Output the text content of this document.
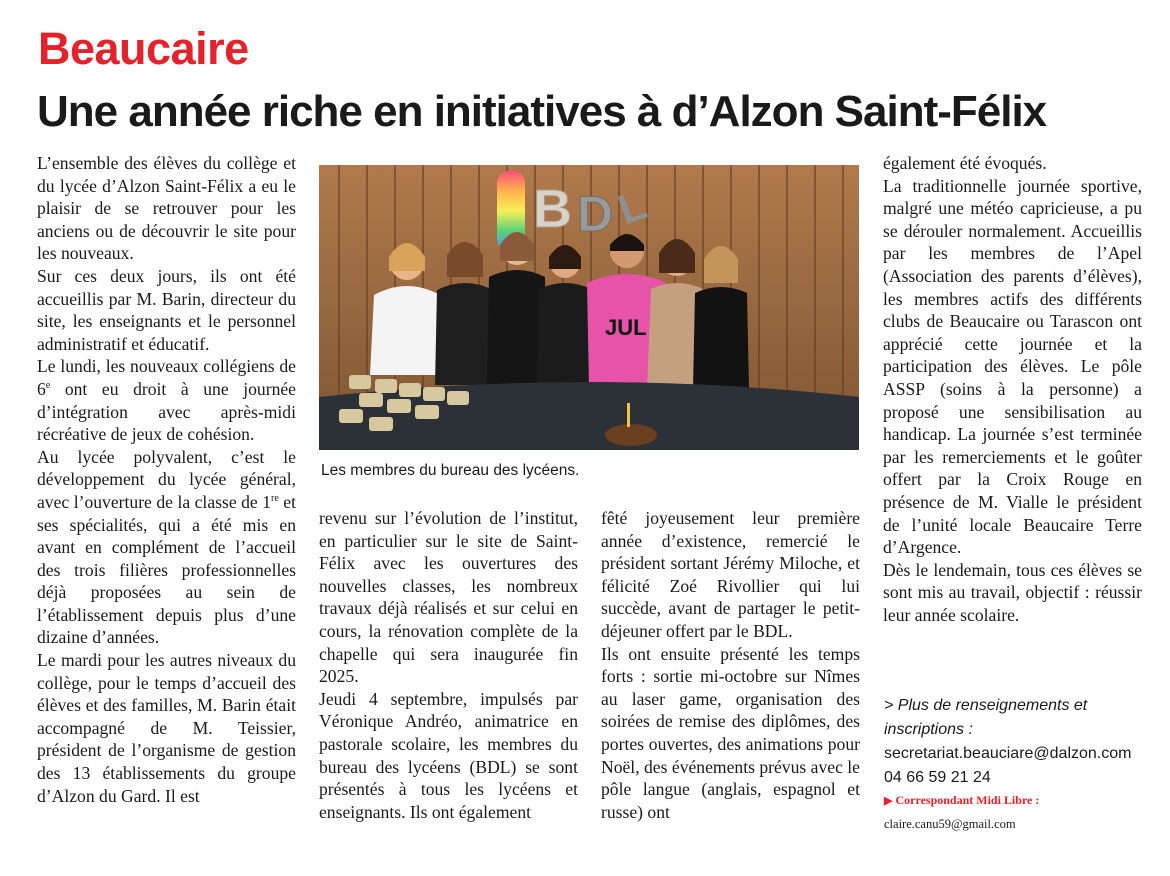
Beaucaire
Une année riche en initiatives à d’Alzon Saint-Félix

L’ensemble des élèves du collège et du lycée d’Alzon Saint-Félix a eu le plaisir de se retrouver pour les anciens ou de découvrir le site pour les nouveaux.

Sur ces deux jours, ils ont été accueillis par M. Barin, directeur du site, les enseignants et le personnel administratif et éducatif.

Le lundi, les nouveaux collégiens de 6e ont eu droit à une journée d’intégration avec après-midi récréative de jeux de cohésion.

Au lycée polyvalent, c’est le développement du lycée général, avec l’ouverture de la classe de 1re et ses spécialités, qui a été mis en avant en complément de l’accueil des trois filières professionnelles déjà proposées au sein de l’établissement depuis plus d’une dizaine d’années.

Le mardi pour les autres niveaux du collège, pour le temps d’accueil des élèves et des familles, M. Barin était accompagné de M. Teissier, président de l’organisme de gestion des 13 établissements du groupe d’Alzon du Gard. Il est

B D
L
JUL

Les membres du bureau des lycéens.

revenu sur l’évolution de l’institut, en particulier sur le site de Saint-Félix avec les ouvertures des nouvelles classes, les nombreux travaux déjà réalisés et sur celui en cours, la rénovation complète de la chapelle qui sera inaugurée fin 2025.

Jeudi 4 septembre, impulsés par Véronique Andréo, animatrice en pastorale scolaire, les membres du bureau des lycéens (BDL) se sont présentés à tous les lycéens et enseignants. Ils ont également

fêté joyeusement leur première année d’existence, remercié le président sortant Jérémy Miloche, et félicité Zoé Rivollier qui lui succède, avant de partager le petit-déjeuner offert par le BDL.

Ils ont ensuite présenté les temps forts : sortie mi-octobre sur Nîmes au laser game, organisation des soirées de remise des diplômes, des portes ouvertes, des animations pour Noël, des événements prévus avec le pôle langue (anglais, espagnol et russe) ont

également été évoqués.

La traditionnelle journée sportive, malgré une météo capricieuse, a pu se dérouler normalement. Accueillis par les membres de l’Apel (Association des parents d’élèves), les membres actifs des différents clubs de Beaucaire ou Tarascon ont apprécié cette journée et la participation des élèves. Le pôle ASSP (soins à la personne) a proposé une sensibilisation au handicap. La journée s’est terminée par les remerciements et le goûter offert par la Croix Rouge en présence de M. Vialle le président de l’unité locale Beaucaire Terre d’Argence.

Dès le lendemain, tous ces élèves se sont mis au travail, objectif : réussir leur année scolaire.

> Plus de renseignements et
inscriptions :
secretariat.beauciare@dalzon.com
04 66 59 21 24
▶ Correspondant Midi Libre :
claire.canu59@gmail.com
